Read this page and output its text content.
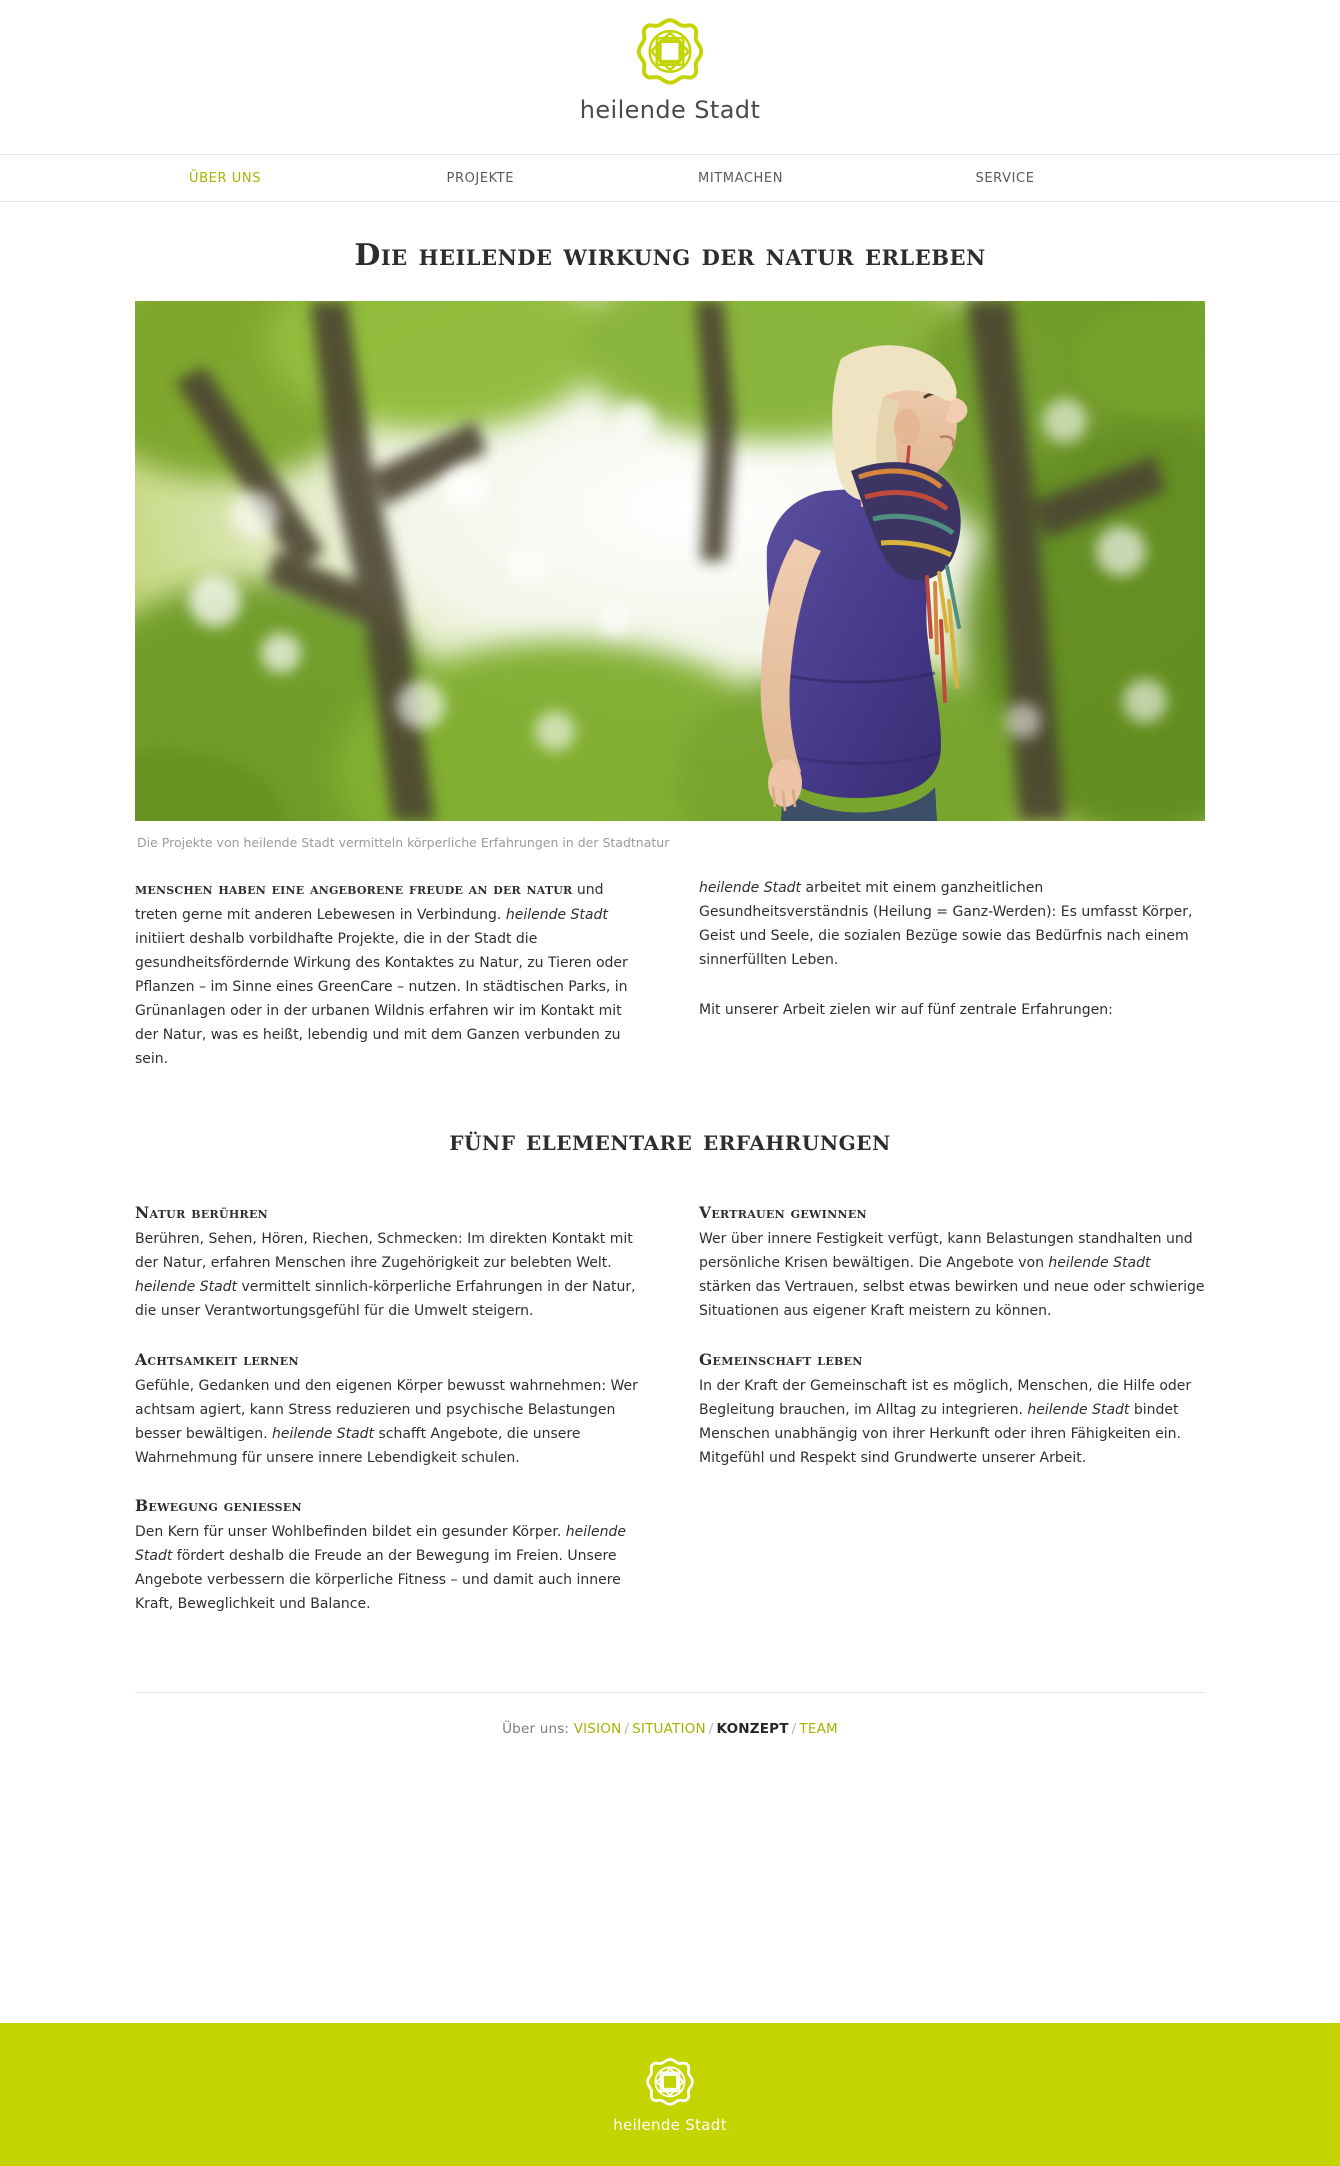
heilende Stadt
ÜBER UNS	PROJEKTE	MITMACHEN	SERVICE
Die heilende wirkung der natur erleben
Die Projekte von heilende Stadt vermitteln körperliche Erfahrungen in der Stadtnatur

menschen haben eine angeborene freude an der natur und treten gerne mit anderen Lebewesen in Verbindung. heilende Stadt initiiert deshalb vorbildhafte Projekte, die in der Stadt die gesundheitsfördernde Wirkung des Kontaktes zu Natur, zu Tieren oder Pflanzen – im Sinne eines GreenCare – nutzen. In städtischen Parks, in Grünanlagen oder in der urbanen Wildnis erfahren wir im Kontakt mit der Natur, was es heißt, lebendig und mit dem Ganzen verbunden zu sein.

heilende Stadt arbeitet mit einem ganzheitlichen Gesundheitsverständnis (Heilung = Ganz-Werden): Es umfasst Körper, Geist und Seele, die sozialen Bezüge sowie das Bedürfnis nach einem sinnerfüllten Leben.

Mit unserer Arbeit zielen wir auf fünf zentrale Erfahrungen:

fünf elementare erfahrungen
Natur berühren

Berühren, Sehen, Hören, Riechen, Schmecken: Im direkten Kontakt mit der Natur, erfahren Menschen ihre Zugehörigkeit zur belebten Welt. heilende Stadt vermittelt sinnlich-körperliche Erfahrungen in der Natur, die unser Verantwortungsgefühl für die Umwelt steigern.

Achtsamkeit lernen

Gefühle, Gedanken und den eigenen Körper bewusst wahrnehmen: Wer achtsam agiert, kann Stress reduzieren und psychische Belastungen besser bewältigen. heilende Stadt schafft Angebote, die unsere Wahrnehmung für unsere innere Lebendigkeit schulen.

Bewegung geniessen

Den Kern für unser Wohlbefinden bildet ein gesunder Körper. heilende Stadt fördert deshalb die Freude an der Bewegung im Freien. Unsere Angebote verbessern die körperliche Fitness – und damit auch innere Kraft, Beweglichkeit und Balance.

Vertrauen gewinnen

Wer über innere Festigkeit verfügt, kann Belastungen standhalten und persönliche Krisen bewältigen. Die Angebote von heilende Stadt stärken das Vertrauen, selbst etwas bewirken und neue oder schwierige Situationen aus eigener Kraft meistern zu können.

Gemeinschaft leben

In der Kraft der Gemeinschaft ist es möglich, Menschen, die Hilfe oder Begleitung brauchen, im Alltag zu integrieren. heilende Stadt bindet Menschen unabhängig von ihrer Herkunft oder ihren Fähigkeiten ein. Mitgefühl und Respekt sind Grundwerte unserer Arbeit.

Über uns: VISION / SITUATION / KONZEPT / TEAM
heilende Stadt
